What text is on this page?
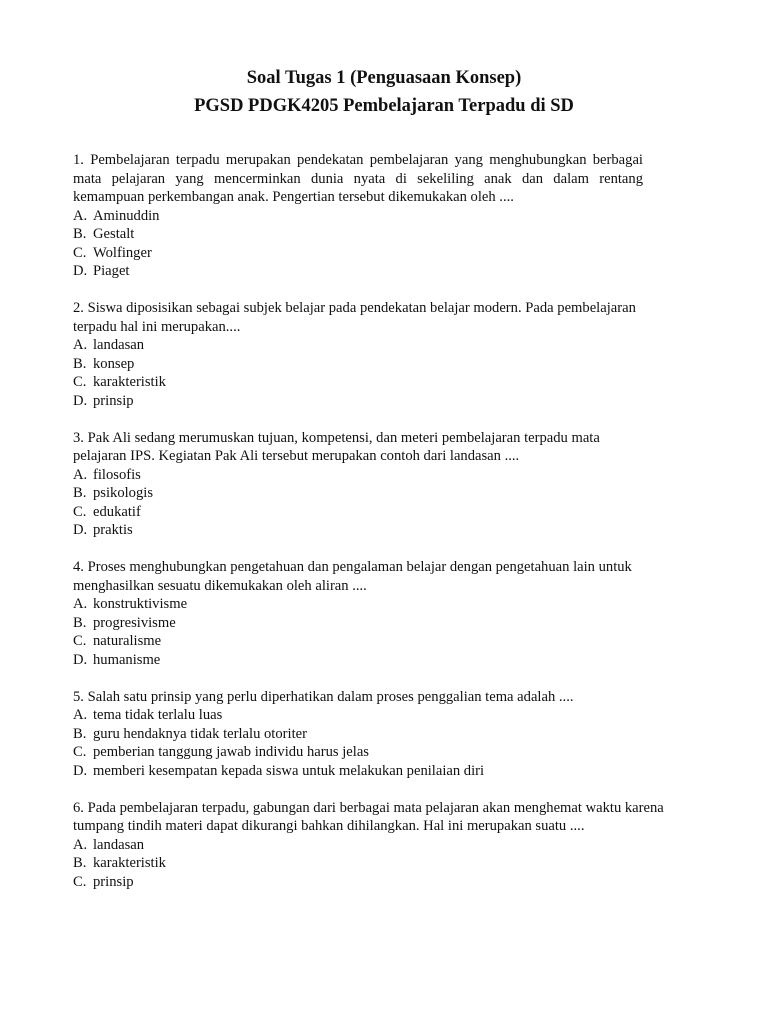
Soal Tugas 1 (Penguasaan Konsep)
PGSD PDGK4205 Pembelajaran Terpadu di SD
1. Pembelajaran terpadu merupakan pendekatan pembelajaran yang menghubungkan berbagai mata pelajaran yang mencerminkan dunia nyata di sekeliling anak dan dalam rentang kemampuan perkembangan anak. Pengertian tersebut dikemukakan oleh ....
A. Aminuddin
B. Gestalt
C. Wolfinger
D. Piaget
2. Siswa diposisikan sebagai subjek belajar pada pendekatan belajar modern. Pada pembelajaran terpadu hal ini merupakan....
A. landasan
B. konsep
C. karakteristik
D. prinsip
3. Pak Ali sedang merumuskan tujuan, kompetensi, dan meteri pembelajaran terpadu mata pelajaran IPS. Kegiatan Pak Ali tersebut merupakan contoh dari landasan ....
A. filosofis
B. psikologis
C. edukatif
D. praktis
4. Proses menghubungkan pengetahuan dan pengalaman belajar dengan pengetahuan lain untuk menghasilkan sesuatu dikemukakan oleh aliran ....
A. konstruktivisme
B. progresivisme
C. naturalisme
D. humanisme
5. Salah satu prinsip yang perlu diperhatikan dalam proses penggalian tema adalah ....
A. tema tidak terlalu luas
B. guru hendaknya tidak terlalu otoriter
C. pemberian tanggung jawab individu harus jelas
D. memberi kesempatan kepada siswa untuk melakukan penilaian diri
6. Pada pembelajaran terpadu, gabungan dari berbagai mata pelajaran akan menghemat waktu karena tumpang tindih materi dapat dikurangi bahkan dihilangkan. Hal ini merupakan suatu ....
A. landasan
B. karakteristik
C. prinsip
